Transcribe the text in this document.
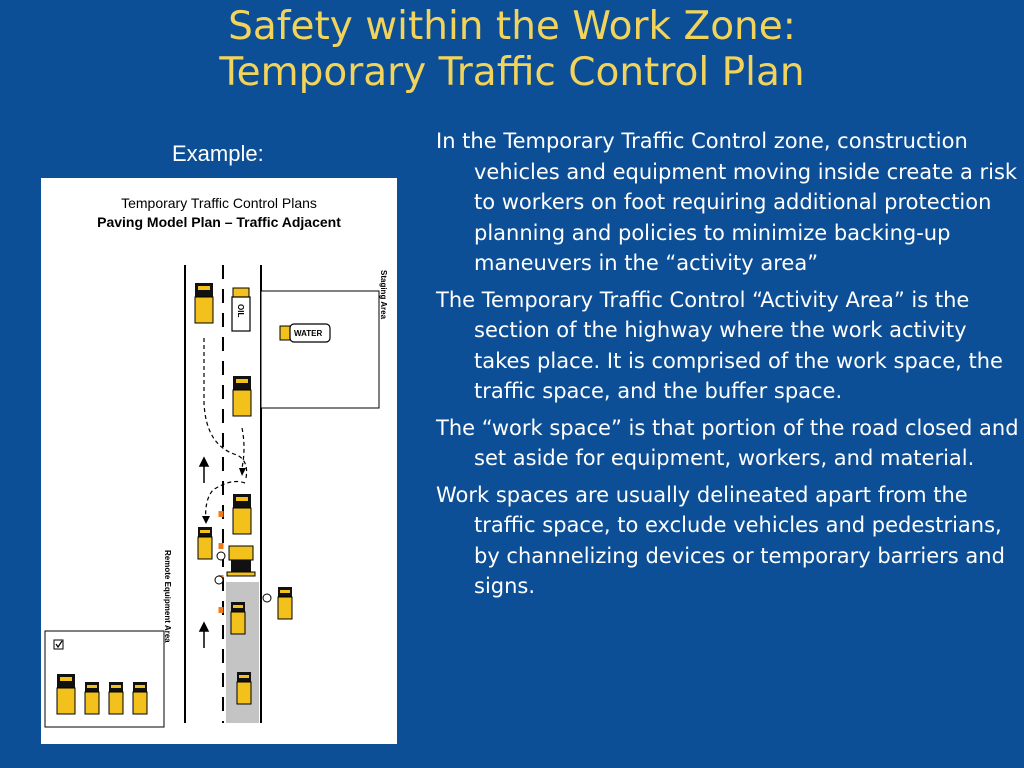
Safety within the Work Zone:
Temporary Traffic Control Plan
Example:
Temporary Traffic Control Plans
Paving Model Plan – Traffic Adjacent
Staging Area
Remote Equipment Area
OIL
WATER

In the Temporary Traffic Control zone, construction vehicles and equipment moving inside create a risk to workers on foot requiring additional protection planning and policies to minimize backing-up maneuvers in the “activity area”

The Temporary Traffic Control “Activity Area” is the section of the highway where the work activity takes place. It is comprised of the work space, the traffic space, and the buffer space.

The “work space” is that portion of the road closed and set aside for equipment, workers, and material.

Work spaces are usually delineated apart from the traffic space, to exclude vehicles and pedestrians, by channelizing devices or temporary barriers and signs.
